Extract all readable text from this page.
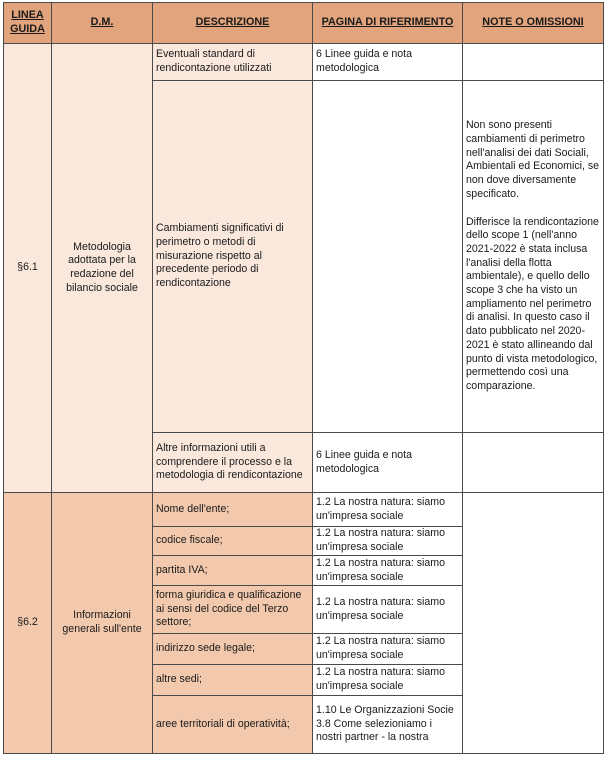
LINEA GUIDA	D.M.	DESCRIZIONE	PAGINA DI RIFERIMENTO	NOTE O OMISSIONI
§6.1	Metodologia adottata per la redazione del bilancio sociale	Eventuali standard di rendicontazione utilizzati	6 Linee guida e nota metodologica	
		Cambiamenti significativi di perimetro o metodi di misurazione rispetto al precedente periodo di rendicontazione		Non sono presenti cambiamenti di perimetro nell'analisi dei dati Sociali, Ambientali ed Economici, se non dove diversamente specificato.
Differisce la rendicontazione dello scope 1 (nell'anno 2021-2022 è stata inclusa l'analisi della flotta ambientale), e quello dello scope 3 che ha visto un ampliamento nel perimetro di analisi. In questo caso il dato pubblicato nel 2020-2021 è stato allineando dal punto di vista metodologico, permettendo così una comparazione.

		Altre informazioni utili a comprendere il processo e la metodologia di rendicontazione	6 Linee guida e nota metodologica	
§6.2	Informazioni generali sull'ente	Nome dell'ente;	1.2 La nostra natura: siamo un'impresa sociale	
		codice fiscale;	1.2 La nostra natura: siamo un'impresa sociale	
		partita IVA;	1.2 La nostra natura: siamo un'impresa sociale	
		forma giuridica e qualificazione ai sensi del codice del Terzo settore;	1.2 La nostra natura: siamo un'impresa sociale	
		indirizzo sede legale;	1.2 La nostra natura: siamo un'impresa sociale	
		altre sedi;	1.2 La nostra natura: siamo un'impresa sociale	
		aree territoriali di operatività;	1.10 Le Organizzazioni Socie
3.8 Come selezioniamo i nostri partner - la nostra	
